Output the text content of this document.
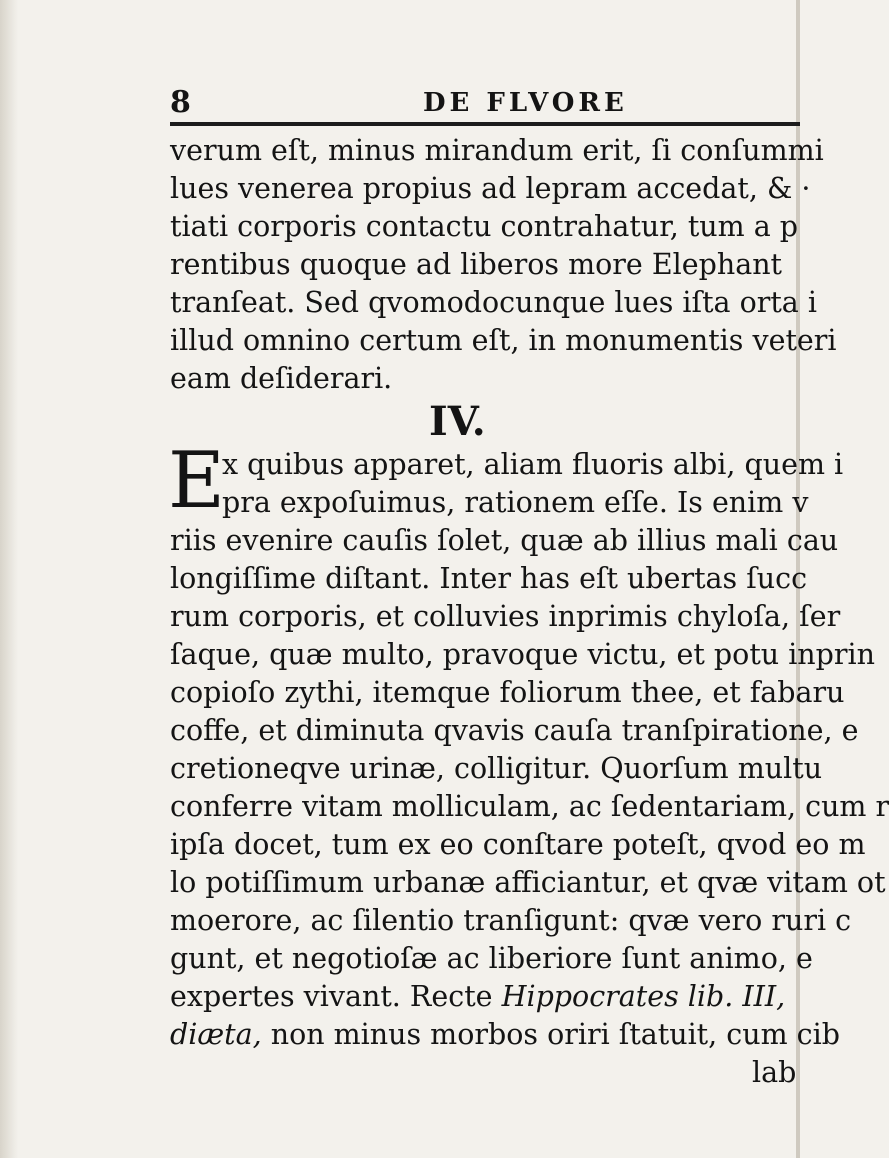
8	DE FLVORE
verum eſt, minus mirandum erit, ſi conſummi
lues venerea propius ad lepram accedat, & ·
tiati corporis contactu contrahatur, tum a p
rentibus quoque ad liberos more Elephant
tranſeat. Sed qvomodocunque lues iſta orta i
illud omnino certum eſt, in monumentis veteri
eam deſiderari.
IV.
E
x quibus apparet, aliam fluoris albi, quem i
pra expoſuimus, rationem eſſe. Is enim v
riis evenire cauſis ſolet, quæ ab illius mali cau
longiſſime diſtant. Inter has eſt ubertas ſucc
rum corporis, et colluvies inprimis chyloſa, ſer
ſaque, quæ multo, pravoque victu, et potu inprin
copioſo zythi, itemque foliorum thee, et fabaru
coffe, et diminuta qvavis cauſa tranſpiratione, e
cretioneqve urinæ, colligitur. Quorſum multu
conferre vitam molliculam, ac ſedentariam, cum r
ipſa docet, tum ex eo conſtare poteſt, qvod eo m
lo potiſſimum urbanæ afficiantur, et qvæ vitam ot
moerore, ac ſilentio tranſigunt: qvæ vero ruri c
gunt, et negotioſæ ac liberiore ſunt animo, e
expertes vivant. Recte Hippocrates lib. III,
diæta, non minus morbos oriri ſtatuit, cum cib
lab
